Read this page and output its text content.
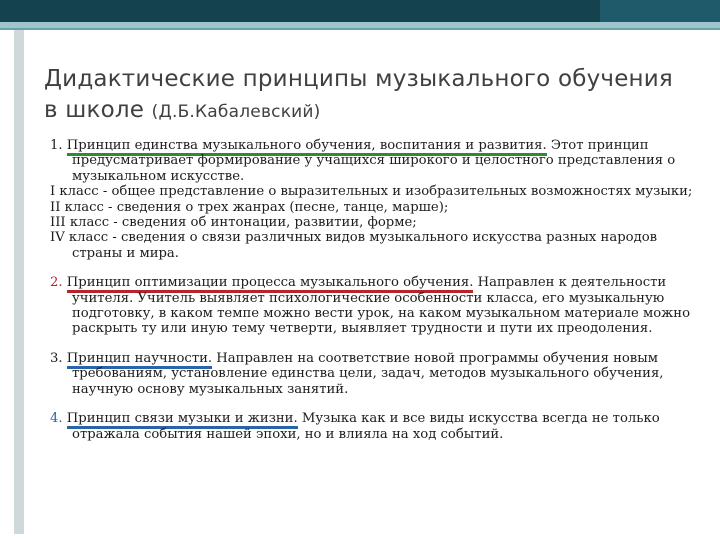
Дидактические принципы музыкального обучения в школе (Д.Б.Кабалевский)

1. Принцип единства музыкального обучения, воспитания и развития. Этот принцип предусматривает формирование у учащихся широкого и целостного представления о музыкальном искусстве.

I класс - общее представление о выразительных и изобразительных возможностях музыки;

II класс - сведения о трех жанрах (песне, танце, марше);

III класс - сведения об интонации, развитии, форме;

IV класс - сведения о связи различных видов музыкального искусства разных народов страны и мира.

2. Принцип оптимизации процесса музыкального обучения. Направлен к деятельности учителя. Учитель выявляет психологические особенности класса, его музыкальную подготовку, в каком темпе можно вести урок, на каком музыкальном материале можно раскрыть ту или иную тему четверти, выявляет трудности и пути их преодоления.

3. Принцип научности. Направлен на соответствие новой программы обучения новым требованиям, установление единства цели, задач, методов музыкального обучения, научную основу музыкальных занятий.

4. Принцип связи музыки и жизни. Музыка как и все виды искусства всегда не только отражала события нашей эпохи, но и влияла на ход событий.
